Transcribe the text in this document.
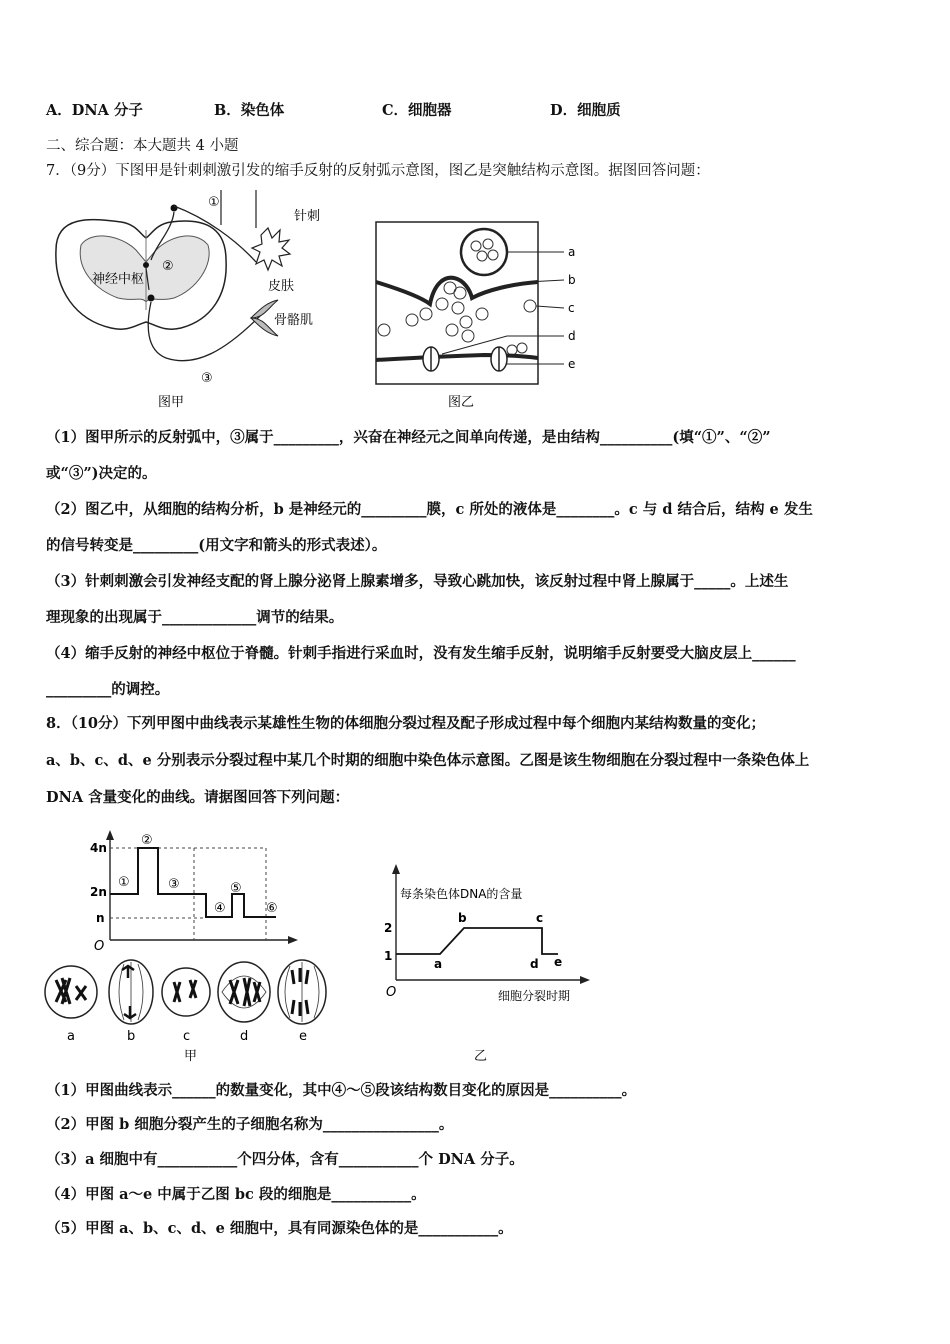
A．DNA 分子	B．染色体	C．细胞器	D．细胞质
二、综合题：本大题共 4 小题
7．（9分）下图甲是针刺刺激引发的缩手反射的反射弧示意图，图乙是突触结构示意图。据图回答问题：
神经中枢
①
②
③
针刺
皮肤
骨骼肌
图甲
a
b
c
d
e
图乙
（1）图甲所示的反射弧中，③属于_________，兴奋在神经元之间单向传递，是由结构__________(填“①”、“②”
或“③”)决定的。
（2）图乙中，从细胞的结构分析，b 是神经元的_________膜，c 所处的液体是________。c 与 d 结合后，结构 e 发生
的信号转变是_________(用文字和箭头的形式表述）。
（3）针刺刺激会引发神经支配的肾上腺分泌肾上腺素增多，导致心跳加快，该反射过程中肾上腺属于_____。上述生
理现象的出现属于_____________调节的结果。
（4）缩手反射的神经中枢位于脊髓。针刺手指进行采血时，没有发生缩手反射，说明缩手反射要受大脑皮层上______
_________的调控。
8．（10分）下列甲图中曲线表示某雄性生物的体细胞分裂过程及配子形成过程中每个细胞内某结构数量的变化；
a、b、c、d、e 分别表示分裂过程中某几个时期的细胞中染色体示意图。乙图是该生物细胞在分裂过程中一条染色体上
DNA 含量变化的曲线。请据图回答下列问题：
4n
2n
n
O
①
②
③
④
⑤
⑥
a	b	c	d	e
甲
每条染色体DNA的含量
2
1
O
a
b	c
d e
细胞分裂时期
乙
（1）甲图曲线表示______的数量变化，其中④～⑤段该结构数目变化的原因是__________。
（2）甲图 b 细胞分裂产生的子细胞名称为________________。
（3）a 细胞中有___________个四分体，含有___________个 DNA 分子。
（4）甲图 a～e 中属于乙图 bc 段的细胞是___________。
（5）甲图 a、b、c、d、e 细胞中，具有同源染色体的是___________。
